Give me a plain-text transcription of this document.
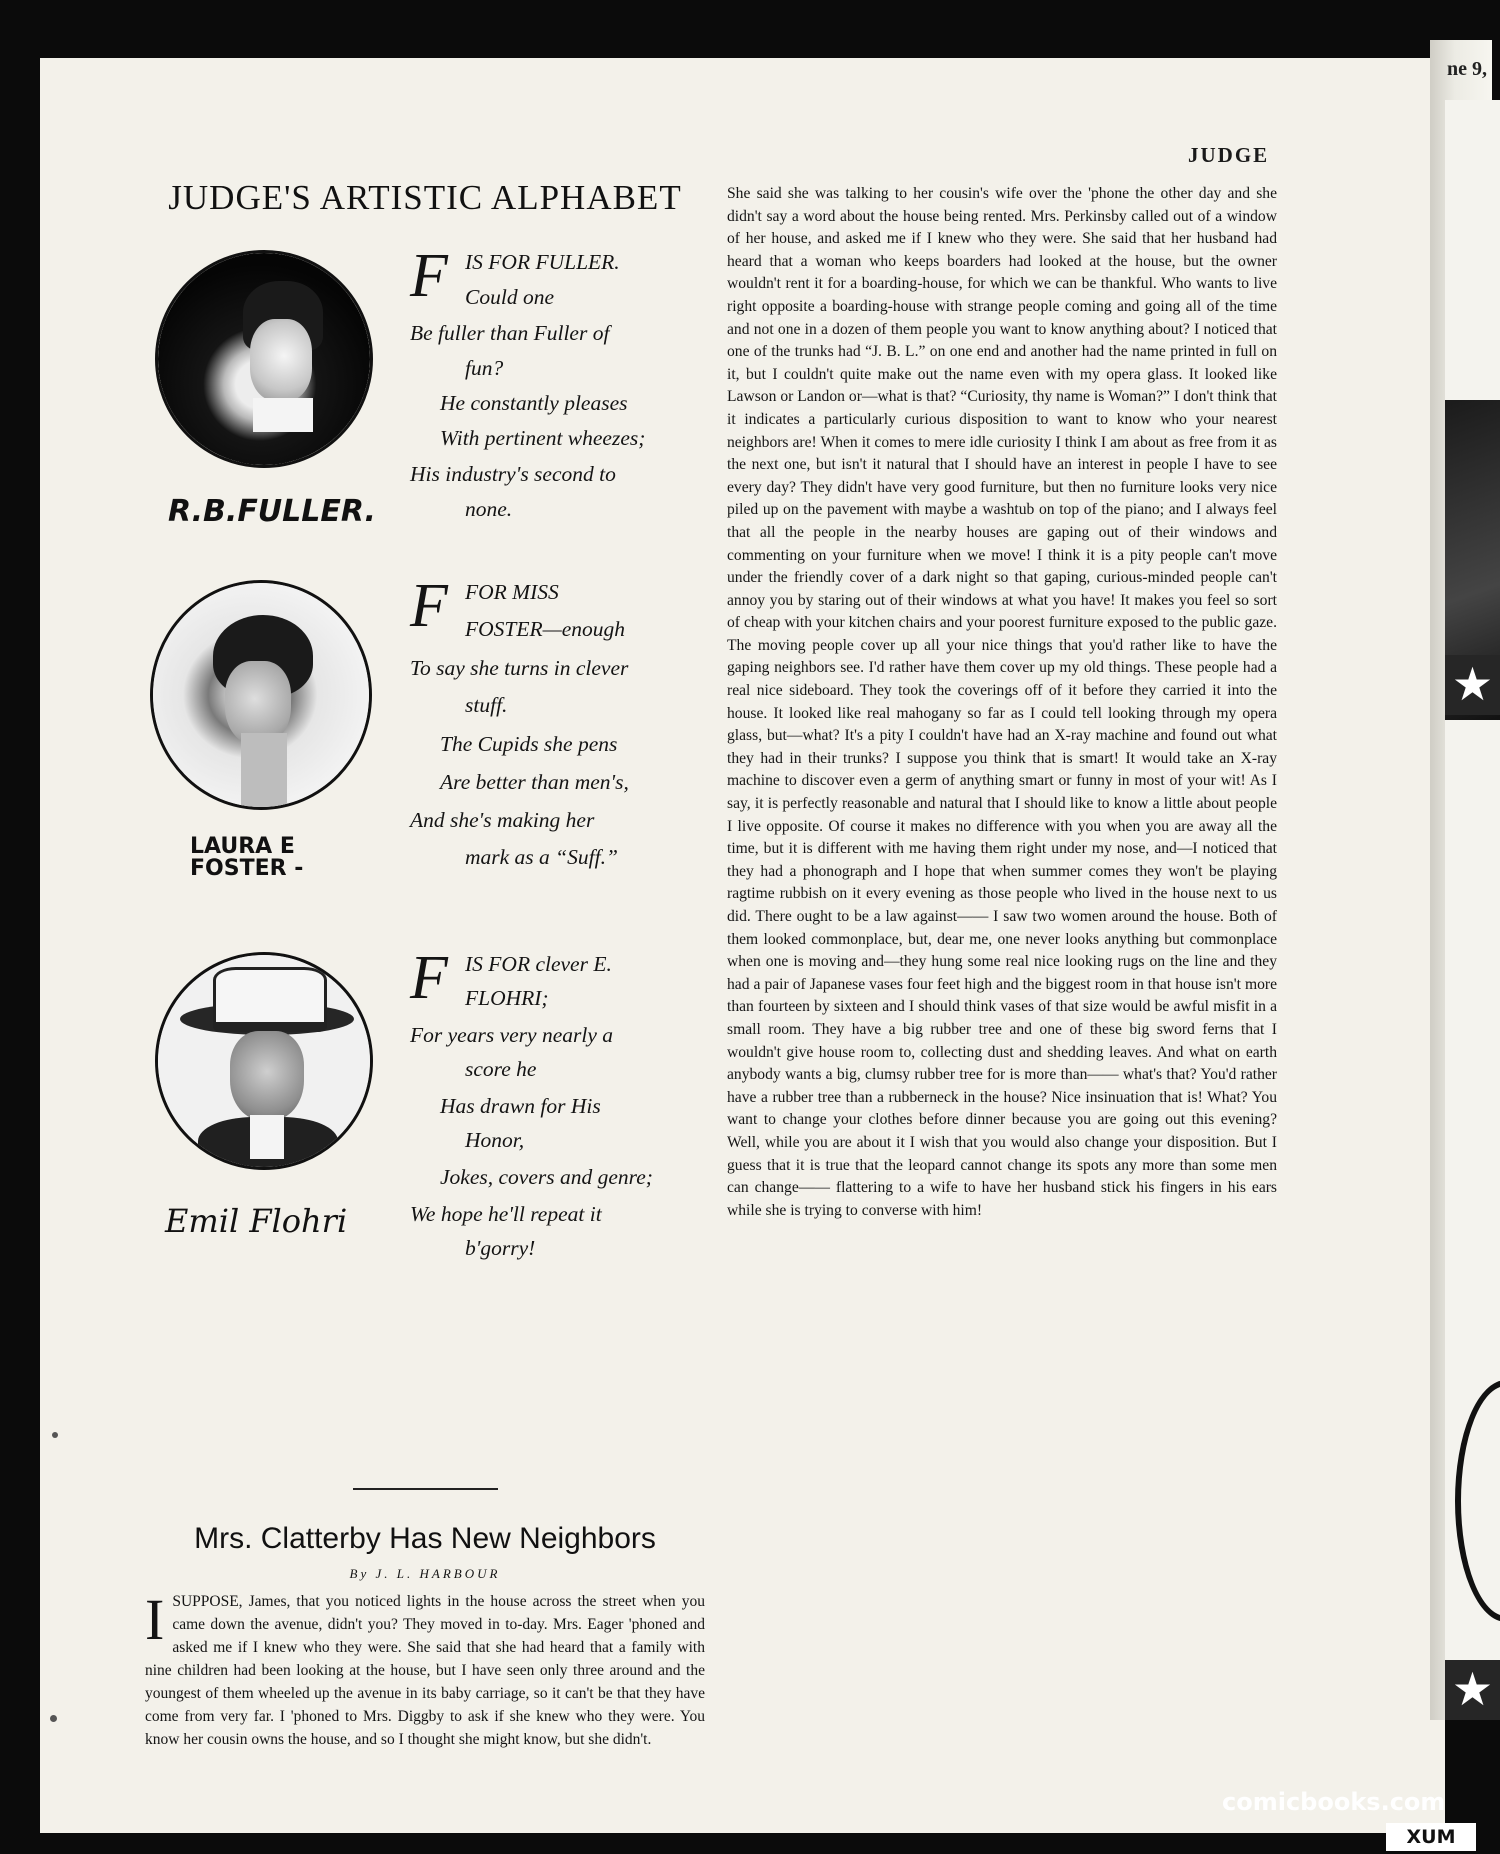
ne 9,
★
★
JUDGE
JUDGE'S ARTISTIC ALPHABET
R.B.FULLER.
F IS FOR FULLER.
Could one
Be fuller than Fuller of
fun?
He constantly pleases
With pertinent wheezes;
His industry's second to
none.
LAURA E FOSTER -
F FOR MISS
FOSTER—enough
To say she turns in clever
stuff.
The Cupids she pens
Are better than men's,
And she's making her
mark as a “Suff.”
Emil Flohri
F IS FOR clever E.
FLOHRI;
For years very nearly a
score he
Has drawn for His
Honor,
Jokes, covers and genre;
We hope he'll repeat it
b'gorry!
Mrs. Clatterby Has New Neighbors
By J. L. HARBOUR
ISUPPOSE, James, that you noticed lights in the house across the street when you came down the avenue, didn't you? They moved in to-day. Mrs. Eager 'phoned and asked me if I knew who they were. She said that she had heard that a family with nine children had been looking at the house, but I have seen only three around and the youngest of them wheeled up the avenue in its baby carriage, so it can't be that they have come from very far. I 'phoned to Mrs. Diggby to ask if she knew who they were. You know her cousin owns the house, and so I thought she might know, but she didn't.
She said she was talking to her cousin's wife over the 'phone the other day and she didn't say a word about the house being rented. Mrs. Perkinsby called out of a window of her house, and asked me if I knew who they were. She said that her husband had heard that a woman who keeps boarders had looked at the house, but the owner wouldn't rent it for a boarding-house, for which we can be thankful. Who wants to live right opposite a boarding-house with strange people coming and going all of the time and not one in a dozen of them people you want to know anything about? I noticed that one of the trunks had “J. B. L.” on one end and another had the name printed in full on it, but I couldn't quite make out the name even with my opera glass. It looked like Lawson or Landon or—what is that? “Curiosity, thy name is Woman?” I don't think that it indicates a particularly curious disposition to want to know who your nearest neighbors are! When it comes to mere idle curiosity I think I am about as free from it as the next one, but isn't it natural that I should have an interest in people I have to see every day? They didn't have very good furniture, but then no furniture looks very nice piled up on the pavement with maybe a washtub on top of the piano; and I always feel that all the people in the nearby houses are gaping out of their windows and commenting on your furniture when we move! I think it is a pity people can't move under the friendly cover of a dark night so that gaping, curious-minded people can't annoy you by staring out of their windows at what you have! It makes you feel so sort of cheap with your kitchen chairs and your poorest furniture exposed to the public gaze. The moving people cover up all your nice things that you'd rather like to have the gaping neighbors see. I'd rather have them cover up my old things. These people had a real nice sideboard. They took the coverings off of it before they carried it into the house. It looked like real mahogany so far as I could tell looking through my opera glass, but—what? It's a pity I couldn't have had an X-ray machine and found out what they had in their trunks? I suppose you think that is smart! It would take an X-ray machine to discover even a germ of anything smart or funny in most of your wit! As I say, it is perfectly reasonable and natural that I should like to know a little about people I live opposite. Of course it makes no difference with you when you are away all the time, but it is different with me having them right under my nose, and—I noticed that they had a phonograph and I hope that when summer comes they won't be playing ragtime rubbish on it every evening as those people who lived in the house next to us did. There ought to be a law against—— I saw two women around the house. Both of them looked commonplace, but, dear me, one never looks anything but commonplace when one is moving and—they hung some real nice looking rugs on the line and they had a pair of Japanese vases four feet high and the biggest room in that house isn't more than fourteen by sixteen and I should think vases of that size would be awful misfit in a small room. They have a big rubber tree and one of these big sword ferns that I wouldn't give house room to, collecting dust and shedding leaves. And what on earth anybody wants a big, clumsy rubber tree for is more than—— what's that? You'd rather have a rubber tree than a rubberneck in the house? Nice insinuation that is! What? You want to change your clothes before dinner because you are going out this evening? Well, while you are about it I wish that you would also change your disposition. But I guess that it is true that the leopard cannot change its spots any more than some men can change—— flattering to a wife to have her husband stick his fingers in his ears while she is trying to converse with him!
comicbooks.com
XUM
